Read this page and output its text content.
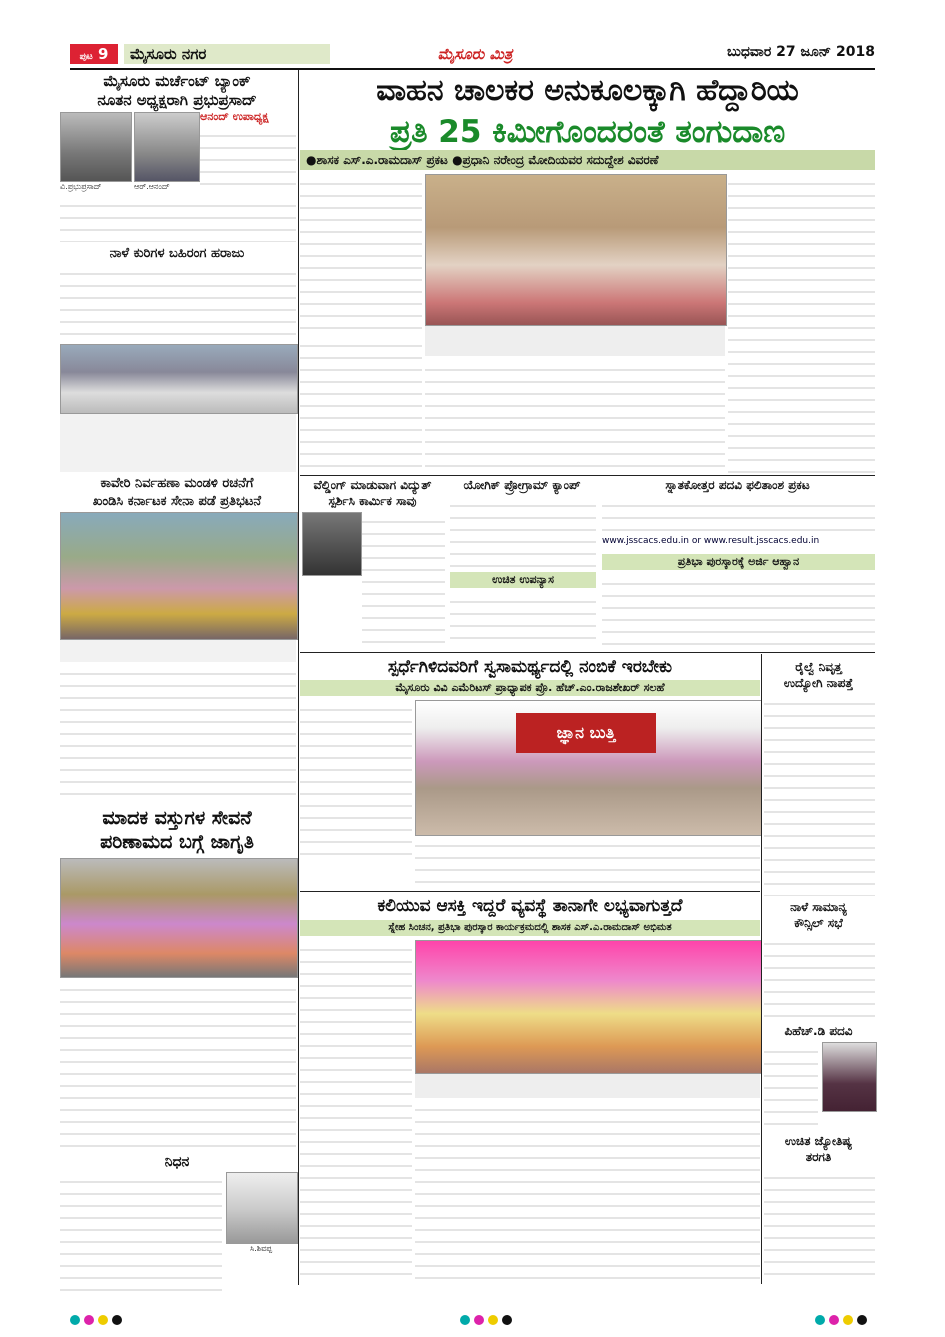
ಪುಟ 9	ಮೈಸೂರು ನಗರ	ಮೈಸೂರು ಮಿತ್ರ	ಬುಧವಾರ 27 ಜೂನ್ 2018
ವಾಹನ ಚಾಲಕರ ಅನುಕೂಲಕ್ಕಾಗಿ ಹೆದ್ದಾರಿಯ
ಪ್ರತಿ 25 ಕಿಮೀಗೊಂದರಂತೆ ತಂಗುದಾಣ
●ಶಾಸಕ ಎಸ್.ಎ.ರಾಮದಾಸ್ ಪ್ರಕಟ ●ಪ್ರಧಾನಿ ನರೇಂದ್ರ ಮೋದಿಯವರ ಸದುದ್ದೇಶ ವಿವರಣೆ
ಮೈಸೂರು ಮರ್ಚೆಂಟ್ ಬ್ಯಾಂಕ್
ನೂತನ ಅಧ್ಯಕ್ಷರಾಗಿ ಪ್ರಭುಪ್ರಸಾದ್
ವಿ.ಪ್ರಭುಪ್ರಸಾದ್	ಆರ್.ಆನಂದ್
ಆನಂದ್ ಉಪಾಧ್ಯಕ್ಷ
ನಾಳೆ ಕುರಿಗಳ ಬಹಿರಂಗ ಹರಾಜು
ಕಾವೇರಿ ನಿರ್ವಹಣಾ ಮಂಡಳಿ ರಚನೆಗೆ
ಖಂಡಿಸಿ ಕರ್ನಾಟಕ ಸೇನಾ ಪಡೆ ಪ್ರತಿಭಟನೆ
ಮಾದಕ ವಸ್ತುಗಳ ಸೇವನೆ
ಪರಿಣಾಮದ ಬಗ್ಗೆ ಜಾಗೃತಿ
ನಿಧನ
ಸಿ.ಶಿವಪ್ಪ
ವೆಲ್ಡಿಂಗ್ ಮಾಡುವಾಗ ವಿದ್ಯುತ್
ಸ್ಪರ್ಶಿಸಿ ಕಾರ್ಮಿಕ ಸಾವು
ಯೋಗಿಕ್ ಪ್ರೋಗ್ರಾಮ್ ಕ್ಯಾಂಪ್
ಉಚಿತ ಉಪನ್ಯಾಸ
ಸ್ನಾತಕೋತ್ತರ ಪದವಿ ಫಲಿತಾಂಶ ಪ್ರಕಟ
www.jsscacs.edu.in or www.result.jsscacs.edu.in
ಪ್ರತಿಭಾ ಪುರಸ್ಕಾರಕ್ಕೆ ಅರ್ಜಿ ಆಹ್ವಾನ
ಸ್ಪರ್ಧೆಗಿಳಿದವರಿಗೆ ಸ್ವಸಾಮರ್ಥ್ಯದಲ್ಲಿ ನಂಬಿಕೆ ಇರಬೇಕು
ಮೈಸೂರು ವಿವಿ ಎಮೆರಿಟಸ್ ಪ್ರಾಧ್ಯಾಪಕ ಪ್ರೊ. ಹೆಚ್.ಎಂ.ರಾಜಶೇಖರ್ ಸಲಹೆ
ಜ್ಞಾನ ಬುತ್ತಿ
ಕಲಿಯುವ ಆಸಕ್ತಿ ಇದ್ದರೆ ವ್ಯವಸ್ಥೆ ತಾನಾಗೇ ಲಭ್ಯವಾಗುತ್ತದೆ
ಸ್ನೇಹ ಸಿಂಚನ, ಪ್ರತಿಭಾ ಪುರಸ್ಕಾರ ಕಾರ್ಯಕ್ರಮದಲ್ಲಿ ಶಾಸಕ ಎಸ್.ಎ.ರಾಮದಾಸ್ ಅಭಿಮತ
ರೈಲ್ವೆ ನಿವೃತ್ತ
ಉದ್ಯೋಗಿ ನಾಪತ್ತೆ
ನಾಳೆ ಸಾಮಾನ್ಯ
ಕೌನ್ಸಿಲ್ ಸಭೆ
ಪಿಹೆಚ್.ಡಿ ಪದವಿ
ಉಚಿತ ಜ್ಯೋತಿಷ್ಯ
ತರಗತಿ
